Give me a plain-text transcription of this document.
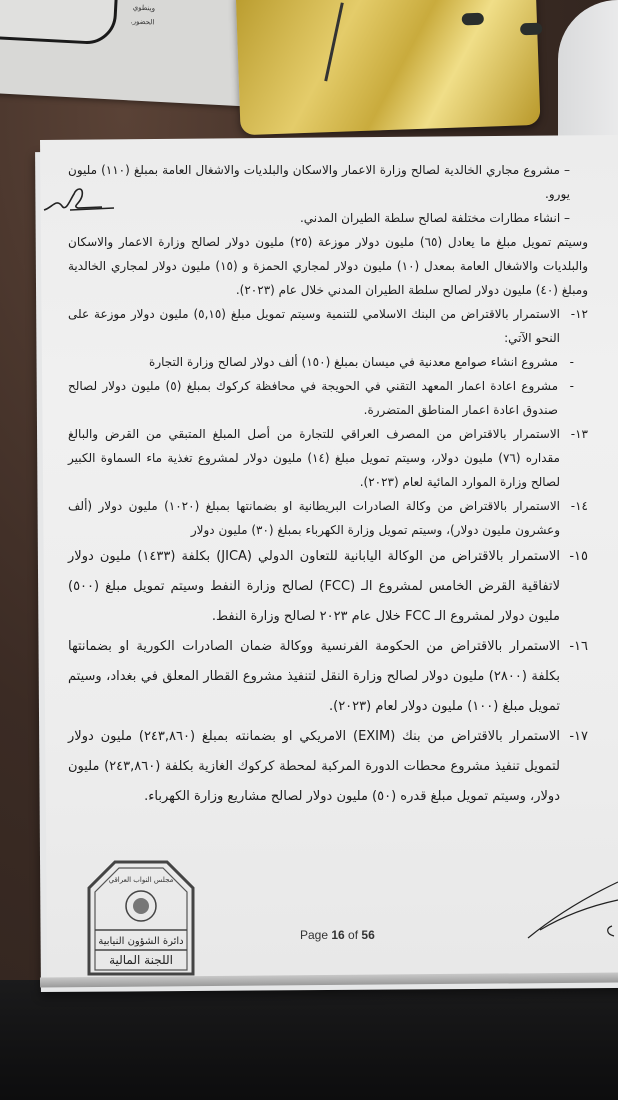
وينطوي
الحضور.

– مشروع مجاري الخالدية لصالح وزارة الاعمار والاسكان والبلديات والاشغال العامة بمبلغ (١١٠) مليون يورو.

– انشاء مطارات مختلفة لصالح سلطة الطيران المدني.

وسيتم تمويل مبلغ ما يعادل (٦٥) مليون دولار موزعة (٢٥) مليون دولار لصالح وزارة الاعمار والاسكان والبلديات والاشغال العامة بمعدل (١٠) مليون دولار لمجاري الحمزة و (١٥) مليون دولار لمجاري الخالدية ومبلغ (٤٠) مليون دولار لصالح سلطة الطيران المدني خلال عام (٢٠٢٣).

١٢-

الاستمرار بالاقتراض من البنك الاسلامي للتنمية وسيتم تمويل مبلغ (٥,١٥) مليون دولار موزعة على النحو الآتي:

- مشروع انشاء صوامع معدنية في ميسان بمبلغ (١٥٠) ألف دولار لصالح وزارة التجارة

- مشروع اعادة اعمار المعهد التقني في الحويجة في محافظة كركوك بمبلغ (٥) مليون دولار لصالح صندوق اعادة اعمار المناطق المتضررة.

١٣-

الاستمرار بالاقتراض من المصرف العراقي للتجارة من أصل المبلغ المتبقي من القرض والبالغ مقداره (٧٦) مليون دولار، وسيتم تمويل مبلغ (١٤) مليون دولار لمشروع تغذية ماء السماوة الكبير لصالح وزارة الموارد المائية لعام (٢٠٢٣).

١٤-

الاستمرار بالاقتراض من وكالة الصادرات البريطانية او بضمانتها بمبلغ (١٠٢٠) مليون دولار (ألف وعشرون مليون دولار)، وسيتم تمويل وزارة الكهرباء بمبلغ (٣٠) مليون دولار

١٥-

الاستمرار بالاقتراض من الوكالة اليابانية للتعاون الدولي (JICA) بكلفة (١٤٣٣) مليون دولار لاتفاقية القرض الخامس لمشروع الـ (FCC) لصالح وزارة النفط وسيتم تمويل مبلغ (٥٠٠) مليون دولار لمشروع الـ FCC خلال عام ٢٠٢٣ لصالح وزارة النفط.

١٦-

الاستمرار بالاقتراض من الحكومة الفرنسية ووكالة ضمان الصادرات الكورية او بضمانتها بكلفة (٢٨٠٠) مليون دولار لصالح وزارة النقل لتنفيذ مشروع القطار المعلق في بغداد، وسيتم تمويل مبلغ (١٠٠) مليون دولار لعام (٢٠٢٣).

١٧-

الاستمرار بالاقتراض من بنك (EXIM) الامريكي او بضمانته بمبلغ (٢٤٣,٨٦٠) مليون دولار لتمويل تنفيذ مشروع محطات الدورة المركبة لمحطة كركوك الغازية بكلفة (٢٤٣,٨٦٠) مليون دولار، وسيتم تمويل مبلغ قدره (٥٠) مليون دولار لصالح مشاريع وزارة الكهرباء.

مجلس النواب العراقي
دائرة الشؤون النيابية
اللجنة المالية
Page 16 of 56
